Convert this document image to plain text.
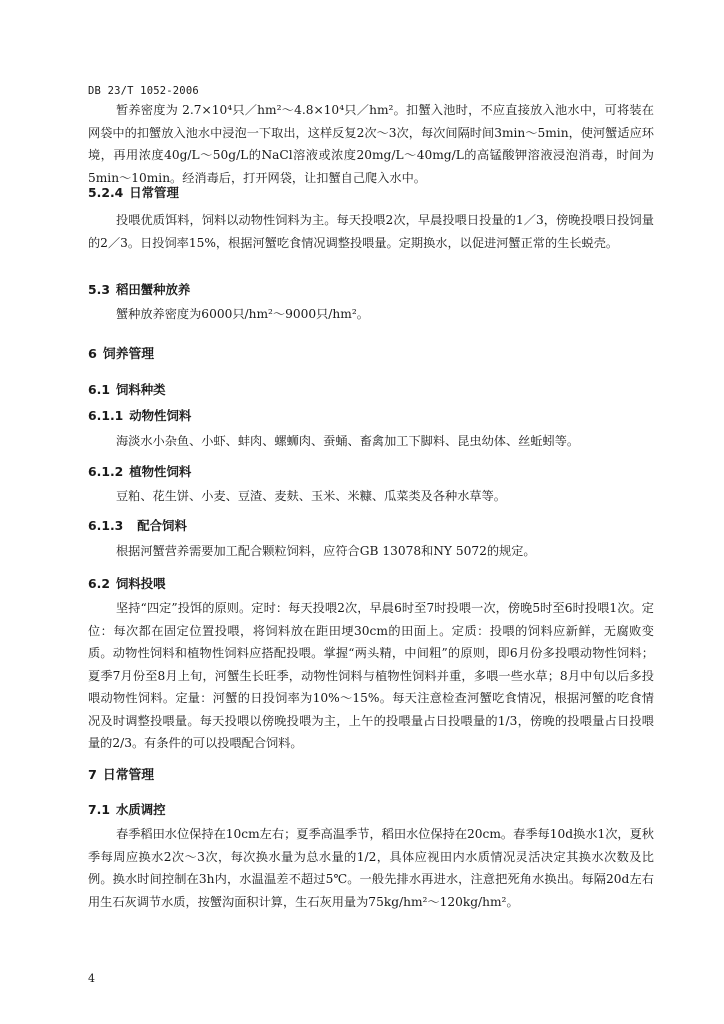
DB 23/T 1052-2006

暂养密度为 2.7×10⁴只／hm²～4.8×10⁴只／hm²。扣蟹入池时，不应直接放入池水中，可将装在网袋中的扣蟹放入池水中浸泡一下取出，这样反复2次～3次，每次间隔时间3min～5min，使河蟹适应环境，再用浓度40g/L～50g/L的NaCl溶液或浓度20mg/L～40mg/L的高锰酸钾溶液浸泡消毒，时间为5min～10min。经消毒后，打开网袋，让扣蟹自己爬入水中。

5.2.4 日常管理

投喂优质饵料，饲料以动物性饲料为主。每天投喂2次，早晨投喂日投量的1／3，傍晚投喂日投饲量的2／3。日投饲率15%，根据河蟹吃食情况调整投喂量。定期换水，以促进河蟹正常的生长蜕壳。

5.3 稻田蟹种放养

蟹种放养密度为6000只/hm²～9000只/hm²。

6 饲养管理
6.1 饲料种类
6.1.1 动物性饲料

海淡水小杂鱼、小虾、蚌肉、螺蛳肉、蚕蛹、畜禽加工下脚料、昆虫幼体、丝蚯蚓等。

6.1.2 植物性饲料

豆粕、花生饼、小麦、豆渣、麦麸、玉米、米糠、瓜菜类及各种水草等。

6.1.3 配合饲料

根据河蟹营养需要加工配合颗粒饲料，应符合GB 13078和NY 5072的规定。

6.2 饲料投喂

坚持“四定”投饵的原则。定时：每天投喂2次，早晨6时至7时投喂一次，傍晚5时至6时投喂1次。定位：每次都在固定位置投喂，将饲料放在距田埂30cm的田面上。定质：投喂的饲料应新鲜，无腐败变质。动物性饲料和植物性饲料应搭配投喂。掌握“两头精，中间粗”的原则，即6月份多投喂动物性饲料；夏季7月份至8月上旬，河蟹生长旺季，动物性饲料与植物性饲料并重，多喂一些水草；8月中旬以后多投喂动物性饲料。定量：河蟹的日投饲率为10%～15%。每天注意检查河蟹吃食情况，根据河蟹的吃食情况及时调整投喂量。每天投喂以傍晚投喂为主，上午的投喂量占日投喂量的1/3，傍晚的投喂量占日投喂量的2/3。有条件的可以投喂配合饲料。

7 日常管理
7.1 水质调控

春季稻田水位保持在10cm左右；夏季高温季节，稻田水位保持在20cm。春季每10d换水1次，夏秋季每周应换水2次～3次，每次换水量为总水量的1/2，具体应视田内水质情况灵活决定其换水次数及比例。换水时间控制在3h内，水温温差不超过5℃。一般先排水再进水，注意把死角水换出。每隔20d左右用生石灰调节水质，按蟹沟面积计算，生石灰用量为75kg/hm²～120kg/hm²。

4
